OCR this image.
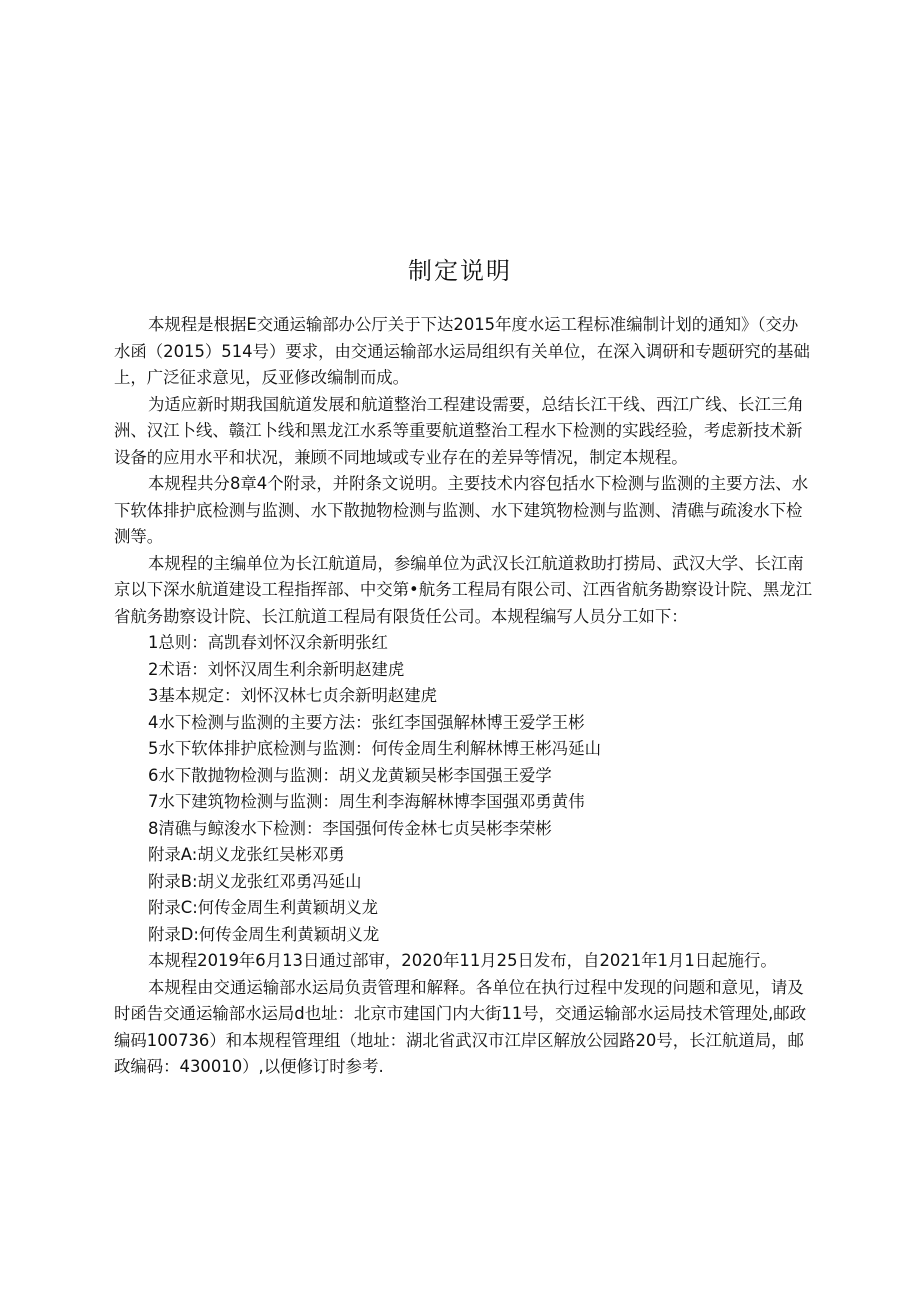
制定说明

本规程是根据E交通运输部办公厅关于下达2015年度水运工程标准编制计划的通知》（交办水函（2015）514号）要求，由交通运输部水运局组织有关单位，在深入调研和专题研究的基础上，广泛征求意见，反亚修改编制而成。

为适应新时期我国航道发展和航道整治工程建设需要，总结长江干线、西江广线、长江三角洲、汉江卜线、赣江卜线和黑龙江水系等重要航道整治工程水下检测的实践经验，考虑新技术新设备的应用水平和状况，兼顾不同地域或专业存在的差异等情况，制定本规程。

本规程共分8章4个附录，并附条文说明。主要技术内容包括水下检测与监测的主要方法、水下软体排护底检测与监测、水下散抛物检测与监测、水下建筑物检测与监测、清礁与疏浚水下检测等。

本规程的主编单位为长江航道局，参编单位为武汉长江航道救助打捞局、武汉大学、长江南京以下深水航道建设工程指挥部、中交第•航务工程局有限公司、江西省航务勘察设计院、黑龙江省航务勘察设计院、长江航道工程局有限货任公司。本规程编写人员分工如下：

1总则：高凯春刘怀汉余新明张红
2术语：刘怀汉周生利余新明赵建虎
3基本规定：刘怀汉林七贞余新明赵建虎
4水下检测与监测的主要方法：张红李国强解林博王爱学王彬
5水下软体排护底检测与监测：何传金周生利解林博王彬冯延山
6水下散抛物检测与监测：胡义龙黄颖吴彬李国强王爱学
7水下建筑物检测与监测：周生利李海解林博李国强邓勇黄伟
8清礁与鲸浚水下检测：李国强何传金林七贞吴彬李荣彬
附录A:胡义龙张红吴彬邓勇
附录B:胡义龙张红邓勇冯延山
附录C:何传金周生利黄颖胡义龙
附录D:何传金周生利黄颖胡义龙

本规程2019年6月13日通过部审，2020年11月25日发布，自2021年1月1日起施行。

本规程由交通运输部水运局负责管理和解释。各单位在执行过程中发现的问题和意见，请及时函告交通运输部水运局d也址：北京市建国门内大街11号，交通运输部水运局技术管理处,邮政编码100736）和本规程管理组（地址：湖北省武汉市江岸区解放公园路20号，长江航道局，邮政编码：430010）,以便修订时参考.
